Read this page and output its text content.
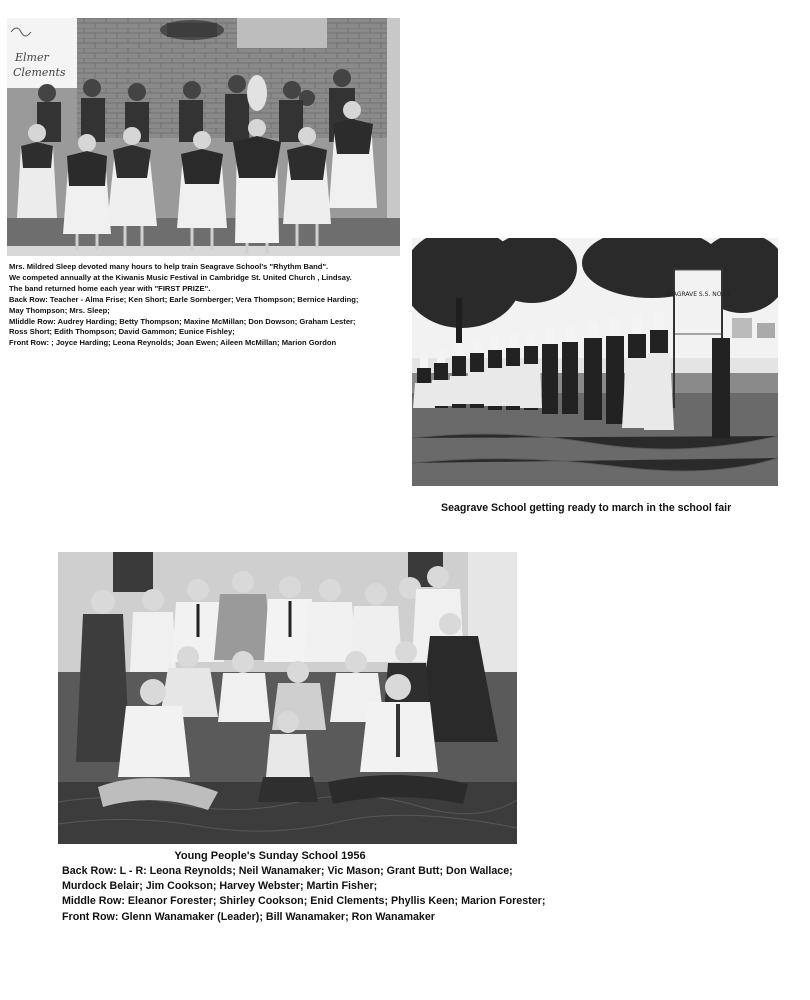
Elmer
Clements
Mrs. Mildred Sleep devoted many hours to help train Seagrave School's "Rhythm Band".
We competed annually at the Kiwanis Music Festival in Cambridge St. United Church , Lindsay.
The band returned home each year with "FIRST PRIZE".
Back Row: Teacher - Alma Frise; Ken Short; Earle Sornberger; Vera Thompson; Bernice Harding;
May Thompson; Mrs. Sleep;
Mliddle Row: Audrey Harding; Betty Thompson; Maxine McMillan; Don Dowson; Graham Lester;
Ross Short; Edith Thompson; David Gammon; Eunice Fishley;
Front Row: ; Joyce Harding; Leona Reynolds; Joan Ewen; Aileen McMillan; Marion Gordon
SEAGRAVE S.S. NO.17
Seagrave School getting ready to march in the school fair
Young People's Sunday School 1956
Back Row: L - R: Leona Reynolds; Neil Wanamaker; Vic Mason; Grant Butt; Don Wallace;
Murdock Belair; Jim Cookson; Harvey Webster; Martin Fisher;
Middle Row: Eleanor Forester; Shirley Cookson; Enid Clements; Phyllis Keen; Marion Forester;
Front Row: Glenn Wanamaker (Leader); Bill Wanamaker; Ron Wanamaker
